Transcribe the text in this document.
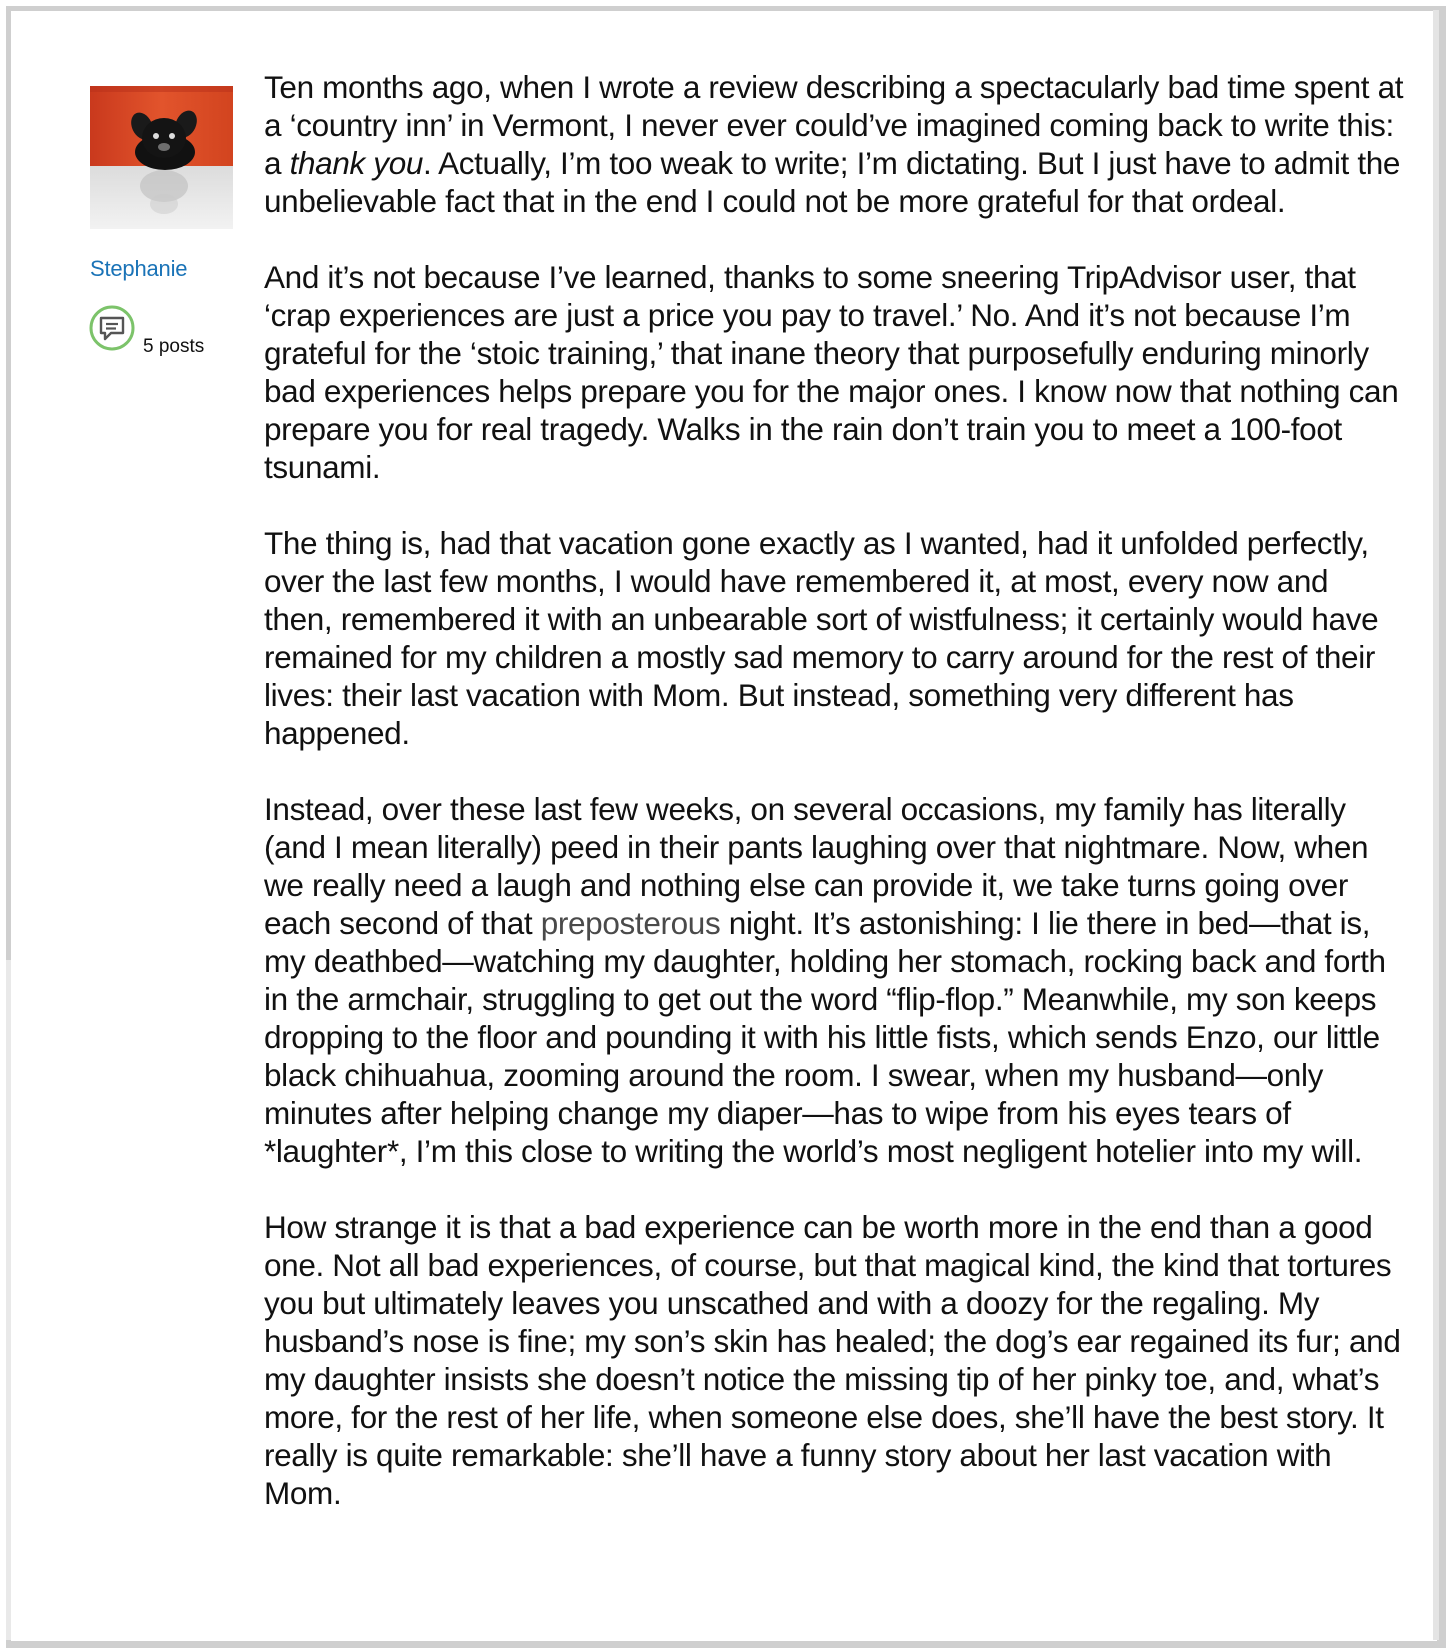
Stephanie
5 posts

Ten months ago, when I wrote a review describing a spectacularly bad time spent at a ‘country inn’ in Vermont, I never ever could’ve imagined coming back to write this: a thank you. Actually, I’m too weak to write; I’m dictating. But I just have to admit the unbelievable fact that in the end I could not be more grateful for that ordeal.

And it’s not because I’ve learned, thanks to some sneering TripAdvisor user, that ‘crap experiences are just a price you pay to travel.’ No. And it’s not because I’m grateful for the ‘stoic training,’ that inane theory that purposefully enduring minorly bad experiences helps prepare you for the major ones. I know now that nothing can prepare you for real tragedy. Walks in the rain don’t train you to meet a 100-foot tsunami.

The thing is, had that vacation gone exactly as I wanted, had it unfolded perfectly, over the last few months, I would have remembered it, at most, every now and then, remembered it with an unbearable sort of wistfulness; it certainly would have remained for my children a mostly sad memory to carry around for the rest of their lives: their last vacation with Mom. But instead, something very different has happened.

Instead, over these last few weeks, on several occasions, my family has literally (and I mean literally) peed in their pants laughing over that nightmare. Now, when we really need a laugh and nothing else can provide it, we take turns going over each second of that preposterous night. It’s astonishing: I lie there in bed—that is, my deathbed—watching my daughter, holding her stomach, rocking back and forth in the armchair, struggling to get out the word “flip-flop.” Meanwhile, my son keeps dropping to the floor and pounding it with his little fists, which sends Enzo, our little black chihuahua, zooming around the room. I swear, when my husband—only minutes after helping change my diaper—has to wipe from his eyes tears of *laughter*, I’m this close to writing the world’s most negligent hotelier into my will.

How strange it is that a bad experience can be worth more in the end than a good one. Not all bad experiences, of course, but that magical kind, the kind that tortures you but ultimately leaves you unscathed and with a doozy for the regaling. My husband’s nose is fine; my son’s skin has healed; the dog’s ear regained its fur; and my daughter insists she doesn’t notice the missing tip of her pinky toe, and, what’s more, for the rest of her life, when someone else does, she’ll have the best story. It really is quite remarkable: she’ll have a funny story about her last vacation with Mom.
